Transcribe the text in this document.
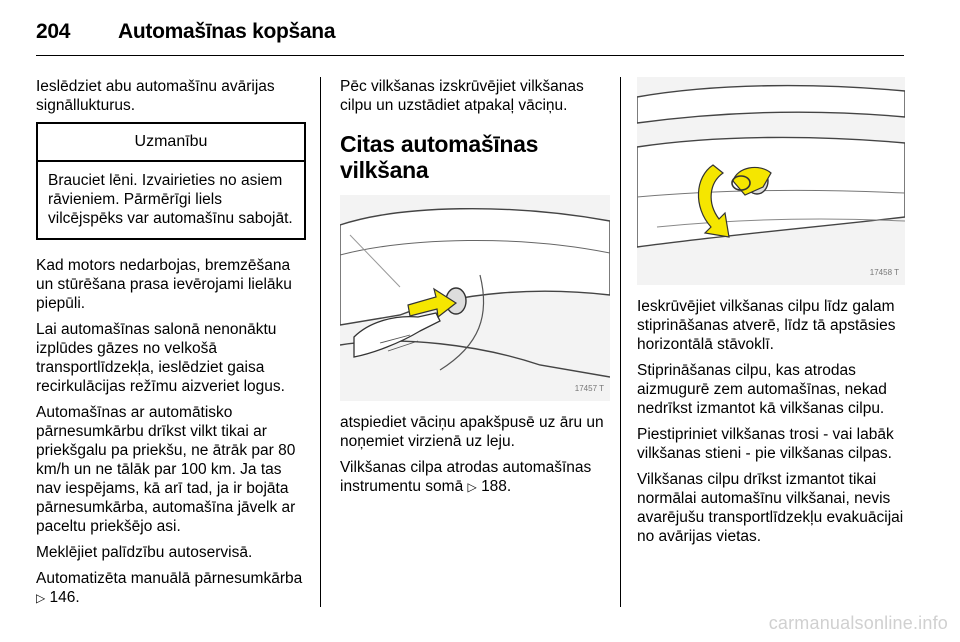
204 Automašīnas kopšana

Ieslēdziet abu automašīnu avārijas signāllukturus.

Uzmanību
Brauciet lēni. Izvairieties no asiem rāvieniem. Pārmērīgi liels vilcējspēks var automašīnu sabojāt.

Kad motors nedarbojas, bremzēšana un stūrēšana prasa ievērojami lielāku piepūli.

Lai automašīnas salonā nenonāktu izplūdes gāzes no velkošā transportlīdzekļa, ieslēdziet gaisa recirkulācijas režīmu aizveriet logus.

Automašīnas ar automātisko pārnesumkārbu drīkst vilkt tikai ar priekšgalu pa priekšu, ne ātrāk par 80 km/h un ne tālāk par 100 km. Ja tas nav iespējams, kā arī tad, ja ir bojāta pārnesumkārba, automašīna jāvelk ar paceltu priekšējo asi.

Meklējiet palīdzību autoservisā.

Automatizēta manuālā pārnesumkārba ▷ 146.

Pēc vilkšanas izskrūvējiet vilkšanas cilpu un uzstādiet atpakaļ vāciņu.

Citas automašīnas vilkšana
17457 T

atspiediet vāciņu apakšpusē uz āru un noņemiet virzienā uz leju.

Vilkšanas cilpa atrodas automašīnas instrumentu somā ▷ 188.

17458 T

Ieskrūvējiet vilkšanas cilpu līdz galam stiprināšanas atverē, līdz tā apstāsies horizontālā stāvoklī.

Stiprināšanas cilpu, kas atrodas aizmugurē zem automašīnas, nekad nedrīkst izmantot kā vilkšanas cilpu.

Piestipriniet vilkšanas trosi - vai labāk vilkšanas stieni - pie vilkšanas cilpas.

Vilkšanas cilpu drīkst izmantot tikai normālai automašīnu vilkšanai, nevis avarējušu transportlīdzekļu evakuācijai no avārijas vietas.

carmanualsonline.info
